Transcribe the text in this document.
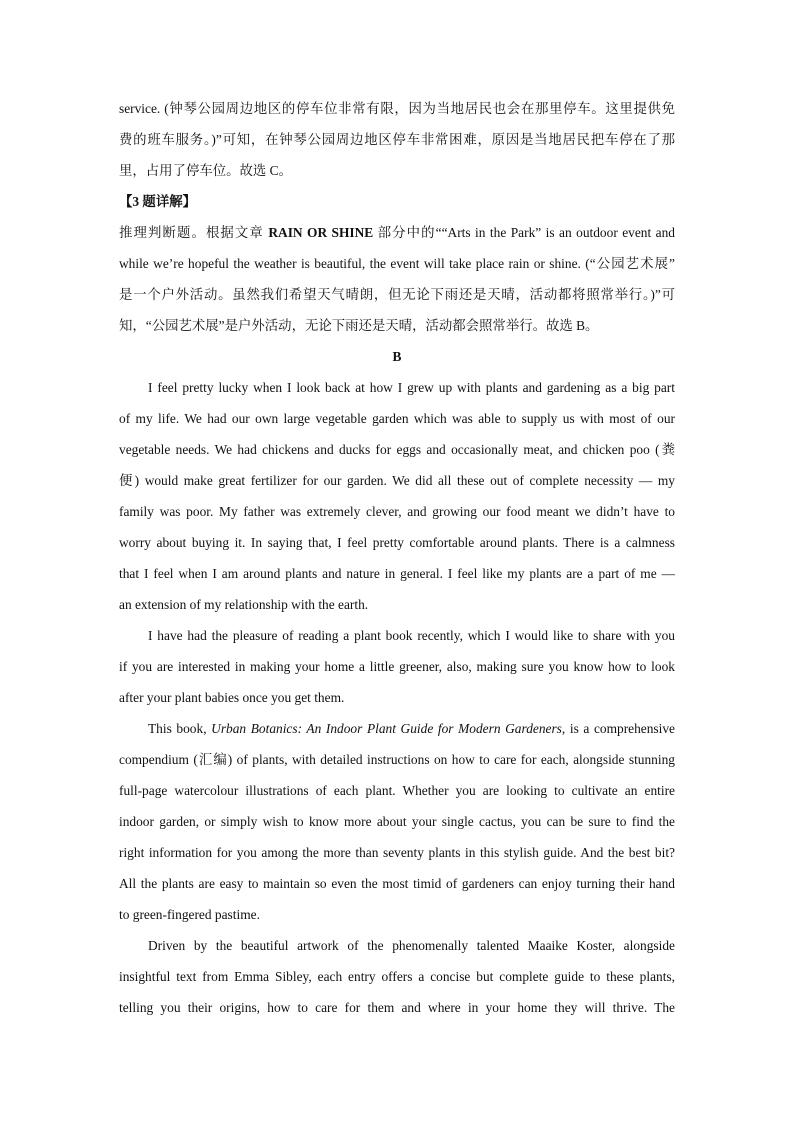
service. (钟琴公园周边地区的停车位非常有限，因为当地居民也会在那里停车。这里提供免
费的班车服务。)”可知，在钟琴公园周边地区停车非常困难，原因是当地居民把车停在了那
里，占用了停车位。故选 C。
【3 题详解】
推理判断题。根据文章 RAIN OR SHINE 部分中的““Arts in the Park” is an outdoor event and
while we’re hopeful the weather is beautiful, the event will take place rain or shine. (“公园艺术展”
是一个户外活动。虽然我们希望天气晴朗，但无论下雨还是天晴，活动都将照常举行。)”可
知，“公园艺术展”是户外活动，无论下雨还是天晴，活动都会照常举行。故选 B。
B
I feel pretty lucky when I look back at how I grew up with plants and gardening as a big part
of my life. We had our own large vegetable garden which was able to supply us with most of our
vegetable needs. We had chickens and ducks for eggs and occasionally meat, and chicken poo (粪
便) would make great fertilizer for our garden. We did all these out of complete necessity — my
family was poor. My father was extremely clever, and growing our food meant we didn’t have to
worry about buying it. In saying that, I feel pretty comfortable around plants. There is a calmness
that I feel when I am around plants and nature in general. I feel like my plants are a part of me —
an extension of my relationship with the earth.
I have had the pleasure of reading a plant book recently, which I would like to share with you
if you are interested in making your home a little greener, also, making sure you know how to look
after your plant babies once you get them.
This book, Urban Botanics: An Indoor Plant Guide for Modern Gardeners, is a comprehensive
compendium (汇编) of plants, with detailed instructions on how to care for each, alongside stunning
full-page watercolour illustrations of each plant. Whether you are looking to cultivate an entire
indoor garden, or simply wish to know more about your single cactus, you can be sure to find the
right information for you among the more than seventy plants in this stylish guide. And the best bit?
All the plants are easy to maintain so even the most timid of gardeners can enjoy turning their hand
to green-fingered pastime.
Driven by the beautiful artwork of the phenomenally talented Maaike Koster, alongside
insightful text from Emma Sibley, each entry offers a concise but complete guide to these plants,
telling you their origins, how to care for them and where in your home they will thrive. The
